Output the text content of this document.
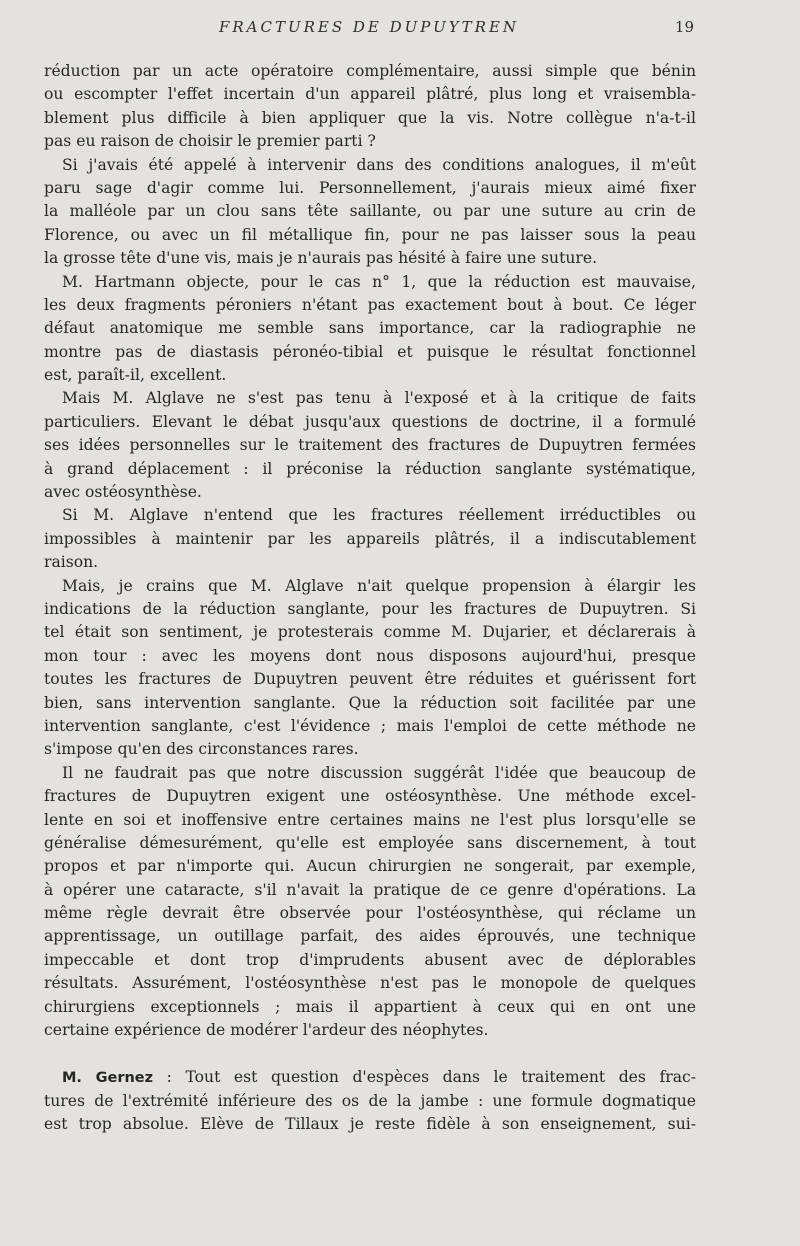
FRACTURES DE DUPUYTREN	19
réduction par un acte opératoire complémentaire, aussi simple que bénin
ou escompter l'effet incertain d'un appareil plâtré, plus long et vraisembla-
blement plus difficile à bien appliquer que la vis. Notre collègue n'a-t-il
pas eu raison de choisir le premier parti ?
Si j'avais été appelé à intervenir dans des conditions analogues, il m'eût
paru sage d'agir comme lui. Personnellement, j'aurais mieux aimé fixer
la malléole par un clou sans tête saillante, ou par une suture au crin de
Florence, ou avec un fil métallique fin, pour ne pas laisser sous la peau
la grosse tête d'une vis, mais je n'aurais pas hésité à faire une suture.
M. Hartmann objecte, pour le cas n° 1, que la réduction est mauvaise,
les deux fragments péroniers n'étant pas exactement bout à bout. Ce léger
défaut anatomique me semble sans importance, car la radiographie ne
montre pas de diastasis péronéo-tibial et puisque le résultat fonctionnel
est, paraît-il, excellent.
Mais M. Alglave ne s'est pas tenu à l'exposé et à la critique de faits
particuliers. Elevant le débat jusqu'aux questions de doctrine, il a formulé
ses idées personnelles sur le traitement des fractures de Dupuytren fermées
à grand déplacement : il préconise la réduction sanglante systématique,
avec ostéosynthèse.
Si M. Alglave n'entend que les fractures réellement irréductibles ou
impossibles à maintenir par les appareils plâtrés, il a indiscutablement
raison.
Mais, je crains que M. Alglave n'ait quelque propension à élargir les
indications de la réduction sanglante, pour les fractures de Dupuytren. Si
tel était son sentiment, je protesterais comme M. Dujarier, et déclarerais à
mon tour : avec les moyens dont nous disposons aujourd'hui, presque
toutes les fractures de Dupuytren peuvent être réduites et guérissent fort
bien, sans intervention sanglante. Que la réduction soit facilitée par une
intervention sanglante, c'est l'évidence ; mais l'emploi de cette méthode ne
s'impose qu'en des circonstances rares.
Il ne faudrait pas que notre discussion suggérât l'idée que beaucoup de
fractures de Dupuytren exigent une ostéosynthèse. Une méthode excel-
lente en soi et inoffensive entre certaines mains ne l'est plus lorsqu'elle se
généralise démesurément, qu'elle est employée sans discernement, à tout
propos et par n'importe qui. Aucun chirurgien ne songerait, par exemple,
à opérer une cataracte, s'il n'avait la pratique de ce genre d'opérations. La
même règle devrait être observée pour l'ostéosynthèse, qui réclame un
apprentissage, un outillage parfait, des aides éprouvés, une technique
impeccable et dont trop d'imprudents abusent avec de déplorables
résultats. Assurément, l'ostéosynthèse n'est pas le monopole de quelques
chirurgiens exceptionnels ; mais il appartient à ceux qui en ont une
certaine expérience de modérer l'ardeur des néophytes.
M. Gernez : Tout est question d'espèces dans le traitement des frac-
tures de l'extrémité inférieure des os de la jambe : une formule dogmatique
est trop absolue. Elève de Tillaux je reste fidèle à son enseignement, sui-
